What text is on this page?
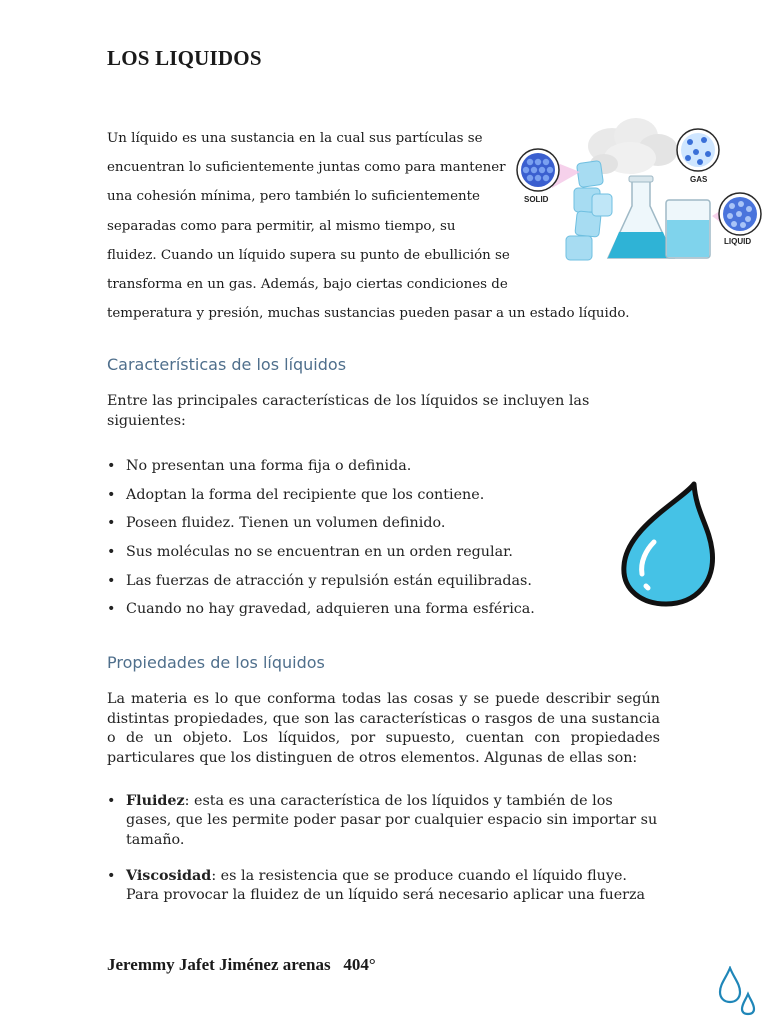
LOS LIQUIDOS
Un líquido es una sustancia en la cual sus partículas se
encuentran lo suficientemente juntas como para mantener
una cohesión mínima, pero también lo suficientemente
separadas como para permitir, al mismo tiempo, su
fluidez. Cuando un líquido supera su punto de ebullición se
transforma en un gas. Además, bajo ciertas condiciones de
temperatura y presión, muchas sustancias pueden pasar a un estado líquido.
SOLID
GAS
LIQUID
Características de los líquidos
Entre las principales características de los líquidos se incluyen las siguientes:
• No presentan una forma fija o definida.
• Adoptan la forma del recipiente que los contiene.
• Poseen fluidez. Tienen un volumen definido.
• Sus moléculas no se encuentran en un orden regular.
• Las fuerzas de atracción y repulsión están equilibradas.
• Cuando no hay gravedad, adquieren una forma esférica.
Propiedades de los líquidos
La materia es lo que conforma todas las cosas y se puede describir según distintas propiedades, que son las características o rasgos de una sustancia o de un objeto. Los líquidos, por supuesto, cuentan con propiedades particulares que los distinguen de otros elementos. Algunas de ellas son:
• Fluidez: esta es una característica de los líquidos y también de los gases, que les permite poder pasar por cualquier espacio sin importar su tamaño.
• Viscosidad: es la resistencia que se produce cuando el líquido fluye. Para provocar la fluidez de un líquido será necesario aplicar una fuerza
Jeremmy Jafet Jiménez arenas 404°
